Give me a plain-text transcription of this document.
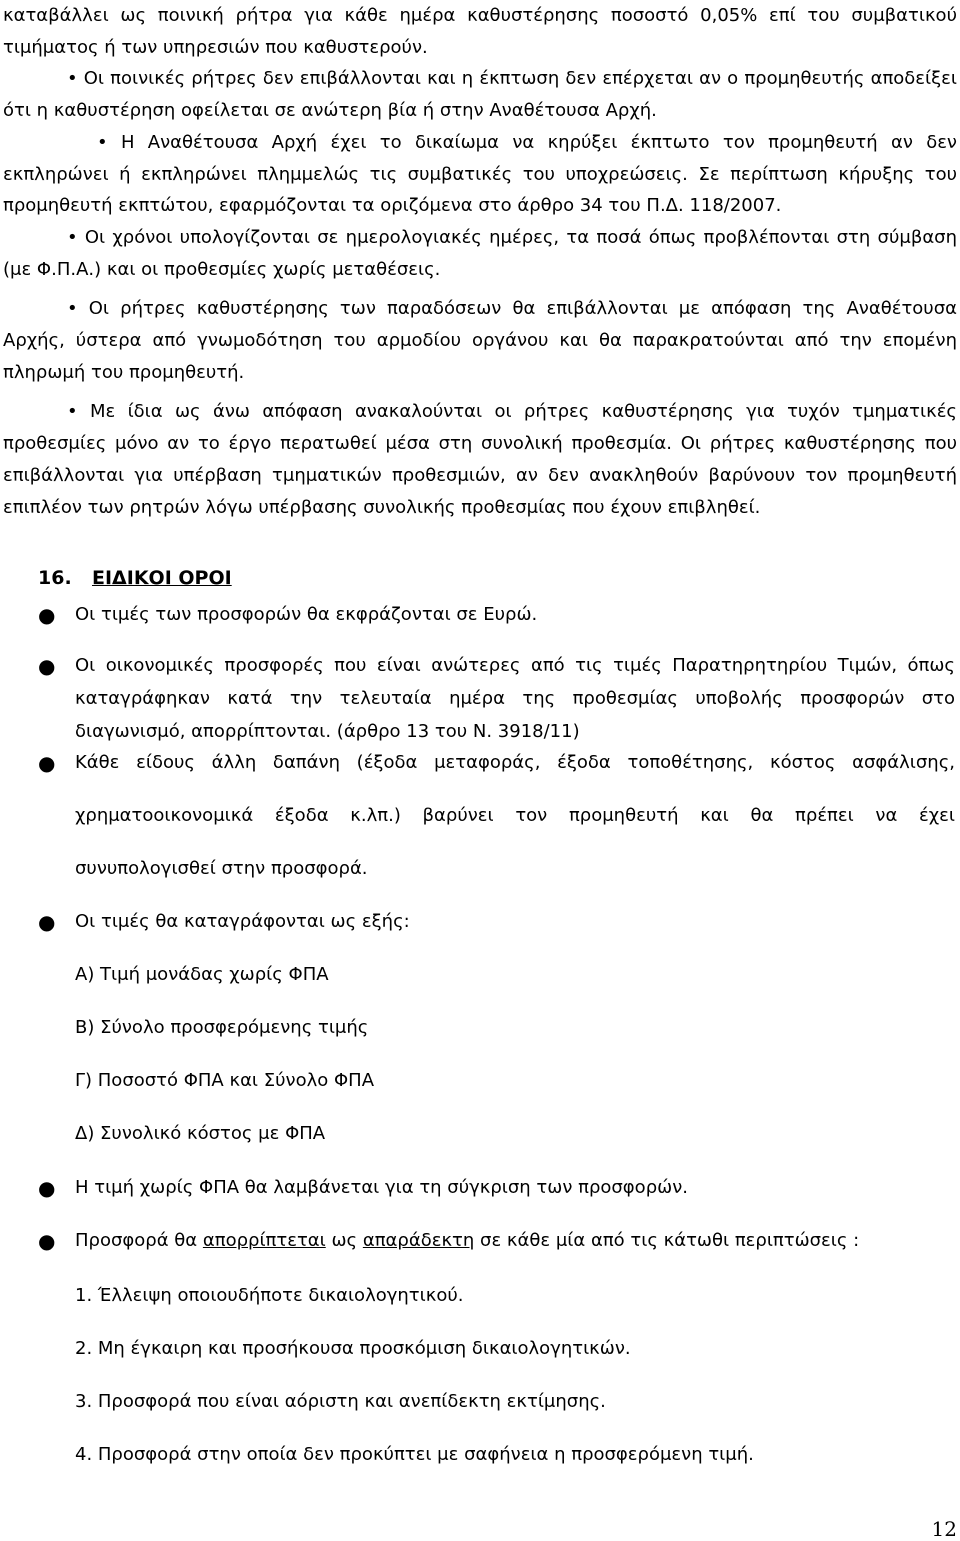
καταβάλλει ως ποινική ρήτρα για κάθε ημέρα καθυστέρησης ποσοστό 0,05% επί του συμβατικού
τιμήματος ή των υπηρεσιών που καθυστερούν.

• Οι ποινικές ρήτρες δεν επιβάλλονται και η έκπτωση δεν επέρχεται αν ο προμηθευτής αποδείξει ότι η καθυστέρηση οφείλεται σε ανώτερη βία ή στην Αναθέτουσα Αρχή.

• Η Αναθέτουσα Αρχή έχει το δικαίωμα να κηρύξει έκπτωτο τον προμηθευτή αν δεν εκπληρώνει ή εκπληρώνει πλημμελώς τις συμβατικές του υποχρεώσεις. Σε περίπτωση κήρυξης του προμηθευτή εκπτώτου, εφαρμόζονται τα οριζόμενα στο άρθρο 34 του Π.Δ. 118/2007.

• Οι χρόνοι υπολογίζονται σε ημερολογιακές ημέρες, τα ποσά όπως προβλέπονται στη σύμβαση (με Φ.Π.Α.) και οι προθεσμίες χωρίς μεταθέσεις.

• Οι ρήτρες καθυστέρησης των παραδόσεων θα επιβάλλονται με απόφαση της Αναθέτουσα Αρχής, ύστερα από γνωμοδότηση του αρμοδίου οργάνου και θα παρακρατούνται από την επομένη πληρωμή του προμηθευτή.

• Με ίδια ως άνω απόφαση ανακαλούνται οι ρήτρες καθυστέρησης για τυχόν τμηματικές προθεσμίες μόνο αν το έργο περατωθεί μέσα στη συνολική προθεσμία. Οι ρήτρες καθυστέρησης που επιβάλλονται για υπέρβαση τμηματικών προθεσμιών, αν δεν ανακληθούν βαρύνουν τον προμηθευτή επιπλέον των ρητρών λόγω υπέρβασης συνολικής προθεσμίας που έχουν επιβληθεί.

16. ΕΙΔΙΚΟΙ ΟΡΟΙ
● Οι τιμές των προσφορών θα εκφράζονται σε Ευρώ.

● Οι οικονομικές προσφορές που είναι ανώτερες από τις τιμές Παρατηρητηρίου Τιμών, όπως

καταγράφηκαν κατά την τελευταία ημέρα της προθεσμίας υποβολής προσφορών στο

διαγωνισμό, απορρίπτονται. (άρθρο 13 του Ν. 3918/11)

● Κάθε είδους άλλη δαπάνη (έξοδα μεταφοράς, έξοδα τοποθέτησης, κόστος ασφάλισης,

χρηματοοικονομικά έξοδα κ.λπ.) βαρύνει τον προμηθευτή και θα πρέπει να έχει

συνυπολογισθεί στην προσφορά.

● Οι τιμές θα καταγράφονται ως εξής:

Α) Τιμή μονάδας χωρίς ΦΠΑ

Β) Σύνολο προσφερόμενης τιμής

Γ) Ποσοστό ΦΠΑ και Σύνολο ΦΠΑ

Δ) Συνολικό κόστος με ΦΠΑ

● Η τιμή χωρίς ΦΠΑ θα λαμβάνεται για τη σύγκριση των προσφορών.

● Προσφορά θα απορρίπτεται ως απαράδεκτη σε κάθε μία από τις κάτωθι περιπτώσεις :

1. Έλλειψη οποιουδήποτε δικαιολογητικού.

2. Μη έγκαιρη και προσήκουσα προσκόμιση δικαιολογητικών.

3. Προσφορά που είναι αόριστη και ανεπίδεκτη εκτίμησης.

4. Προσφορά στην οποία δεν προκύπτει με σαφήνεια η προσφερόμενη τιμή.

12
